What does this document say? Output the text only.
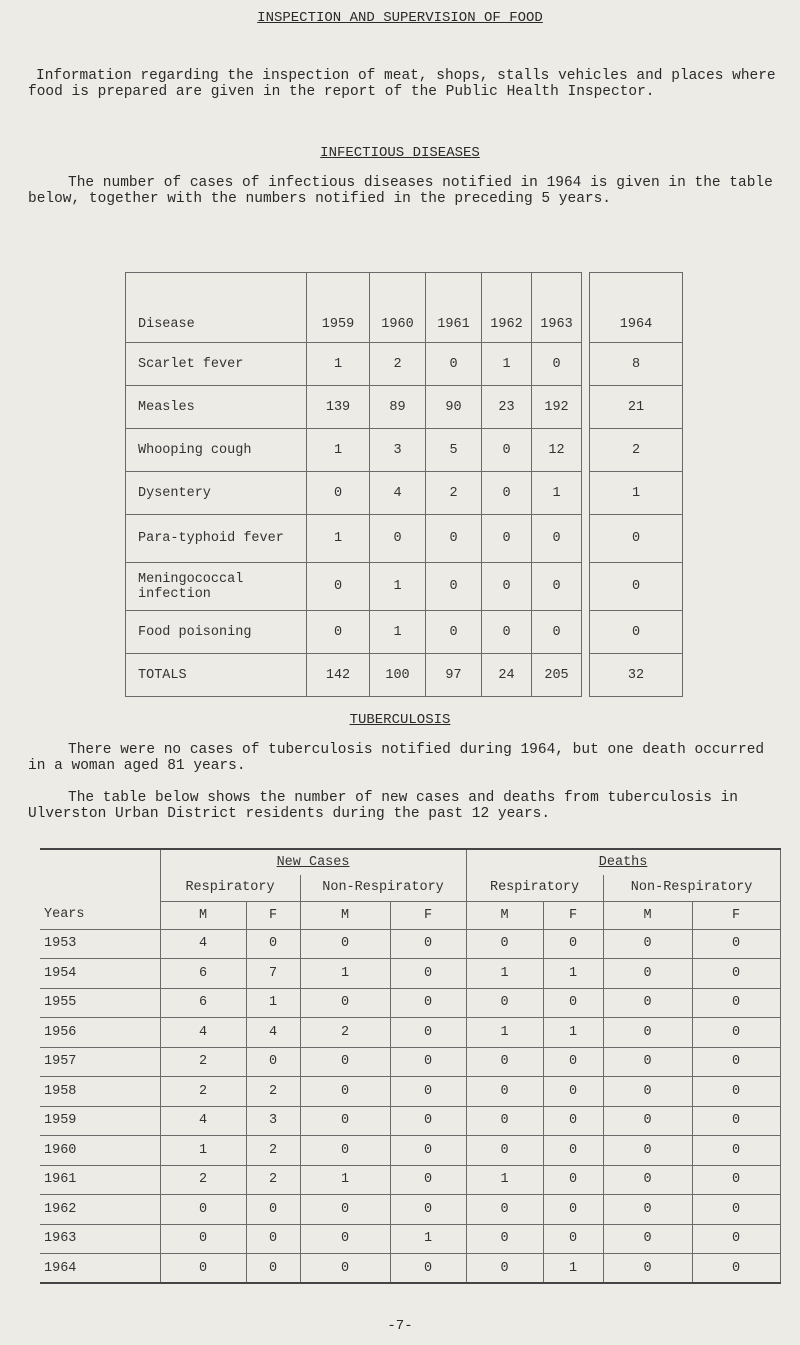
INSPECTION AND SUPERVISION OF FOOD
Information regarding the inspection of meat, shops, stalls vehicles and places where food is prepared are given in the report of the Public Health Inspector.
INFECTIOUS DISEASES
The number of cases of infectious diseases notified in 1964 is given in the table below, together with the numbers notified in the preceding 5 years.
Disease	1959	1960	1961	1962	1963		1964
Scarlet fever	1	2	0	1	0		8
Measles	139	89	90	23	192		21
Whooping cough	1	3	5	0	12		2
Dysentery	0	4	2	0	1		1
Para-typhoid fever	1	0	0	0	0		0
Meningococcal infection	0	1	0	0	0		0
Food poisoning	0	1	0	0	0		0
TOTALS	142	100	97	24	205		32
TUBERCULOSIS
There were no cases of tuberculosis notified during 1964, but one death occurred in a woman aged 81 years.
The table below shows the number of new cases and deaths from tuberculosis in Ulverston Urban District residents during the past 12 years.
	New Cases				Deaths			
	Respiratory		Non-Respiratory		Respiratory		Non-Respiratory	
Years	M	F	M	F	M	F	M	F
1953	4	0	0	0	0	0	0	0
1954	6	7	1	0	1	1	0	0
1955	6	1	0	0	0	0	0	0
1956	4	4	2	0	1	1	0	0
1957	2	0	0	0	0	0	0	0
1958	2	2	0	0	0	0	0	0
1959	4	3	0	0	0	0	0	0
1960	1	2	0	0	0	0	0	0
1961	2	2	1	0	1	0	0	0
1962	0	0	0	0	0	0	0	0
1963	0	0	0	1	0	0	0	0
1964	0	0	0	0	0	1	0	0
-7-
